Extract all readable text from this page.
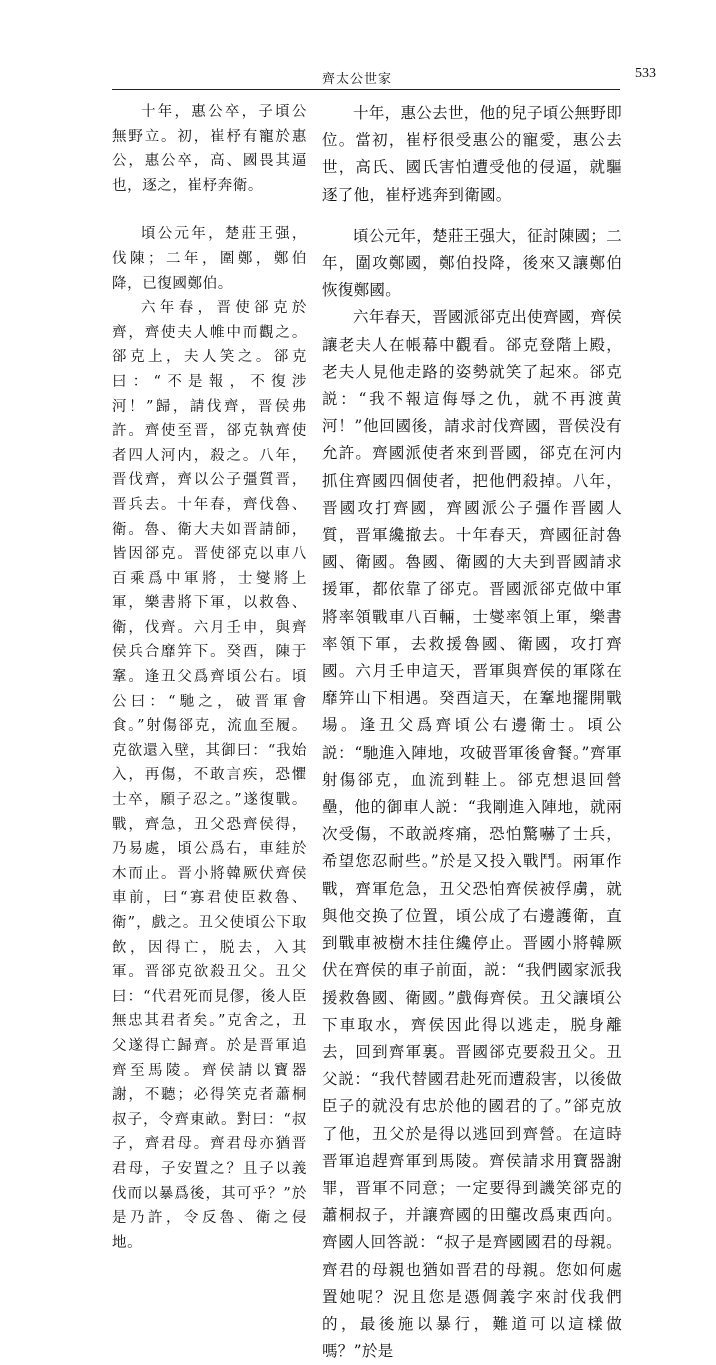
齊太公世家	533

十年，惠公卒，子頃公無野立。初，崔杼有寵於惠公，惠公卒，高、國畏其逼也，逐之，崔杼奔衛。

頃公元年，楚莊王强，伐陳；二年，圍鄭，鄭伯降，已復國鄭伯。

六年春，晋使郤克於齊，齊使夫人帷中而觀之。郤克上，夫人笑之。郤克曰：“不是報，不復涉河！”歸，請伐齊，晋侯弗許。齊使至晋，郤克執齊使者四人河内，殺之。八年，晋伐齊，齊以公子彊質晋，晋兵去。十年春，齊伐魯、衛。魯、衛大夫如晋請師，皆因郤克。晋使郤克以車八百乘爲中軍將，士燮將上軍，樂書將下軍，以救魯、衛，伐齊。六月壬申，與齊侯兵合靡笄下。癸酉，陳于鞌。逢丑父爲齊頃公右。頃公曰：“馳之，破晋軍會食。”射傷郤克，流血至履。克欲還入壁，其御曰：“我始入，再傷，不敢言疾，恐懼士卒，願子忍之。”遂復戰。戰，齊急，丑父恐齊侯得，乃易處，頃公爲右，車絓於木而止。晋小將韓厥伏齊侯車前，曰“寡君使臣救魯、衛”，戲之。丑父使頃公下取飲，因得亡，脱去，入其軍。晋郤克欲殺丑父。丑父曰：“代君死而見僇，後人臣無忠其君者矣。”克舍之，丑父遂得亡歸齊。於是晋軍追齊至馬陵。齊侯請以寶器謝，不聽；必得笑克者蕭桐叔子，令齊東畝。對曰：“叔子，齊君母。齊君母亦猶晋君母，子安置之？且子以義伐而以暴爲後，其可乎？”於是乃許，令反魯、衛之侵地。

十年，惠公去世，他的兒子頃公無野即位。當初，崔杼很受惠公的寵愛，惠公去世，高氏、國氏害怕遭受他的侵逼，就驅逐了他，崔杼逃奔到衛國。

頃公元年，楚莊王强大，征討陳國；二年，圍攻鄭國，鄭伯投降，後來又讓鄭伯恢復鄭國。

六年春天，晋國派郤克出使齊國，齊侯讓老夫人在帳幕中觀看。郤克登階上殿，老夫人見他走路的姿勢就笑了起來。郤克説：“我不報這侮辱之仇，就不再渡黄河！”他回國後，請求討伐齊國，晋侯没有允許。齊國派使者來到晋國，郤克在河内抓住齊國四個使者，把他們殺掉。八年，晋國攻打齊國，齊國派公子彊作晋國人質，晋軍纔撤去。十年春天，齊國征討魯國、衛國。魯國、衛國的大夫到晋國請求援軍，都依靠了郤克。晋國派郤克做中軍將率領戰車八百輛，士燮率領上軍，樂書率領下軍，去救援魯國、衛國，攻打齊國。六月壬申這天，晋軍與齊侯的軍隊在靡笄山下相遇。癸酉這天，在鞌地擺開戰場。逢丑父爲齊頃公右邊衛士。頃公説：“馳進入陣地，攻破晋軍後會餐。”齊軍射傷郤克，血流到鞋上。郤克想退回營壘，他的御車人説：“我剛進入陣地，就兩次受傷，不敢説疼痛，恐怕驚嚇了士兵，希望您忍耐些。”於是又投入戰鬥。兩軍作戰，齊軍危急，丑父恐怕齊侯被俘虜，就與他交换了位置，頃公成了右邊護衛，直到戰車被樹木挂住纔停止。晋國小將韓厥伏在齊侯的車子前面，説：“我們國家派我援救魯國、衛國。”戲侮齊侯。丑父讓頃公下車取水，齊侯因此得以逃走，脱身離去，回到齊軍裏。晋國郤克要殺丑父。丑父説：“我代替國君赴死而遭殺害，以後做臣子的就没有忠於他的國君的了。”郤克放了他，丑父於是得以逃回到齊營。在這時晋軍追趕齊軍到馬陵。齊侯請求用寶器謝罪，晋軍不同意；一定要得到譏笑郤克的蕭桐叔子，并讓齊國的田壟改爲東西向。齊國人回答説：“叔子是齊國國君的母親。齊君的母親也猶如晋君的母親。您如何處置她呢？況且您是憑倜義字來討伐我們的，最後施以暴行，難道可以這樣做嗎？”於是
